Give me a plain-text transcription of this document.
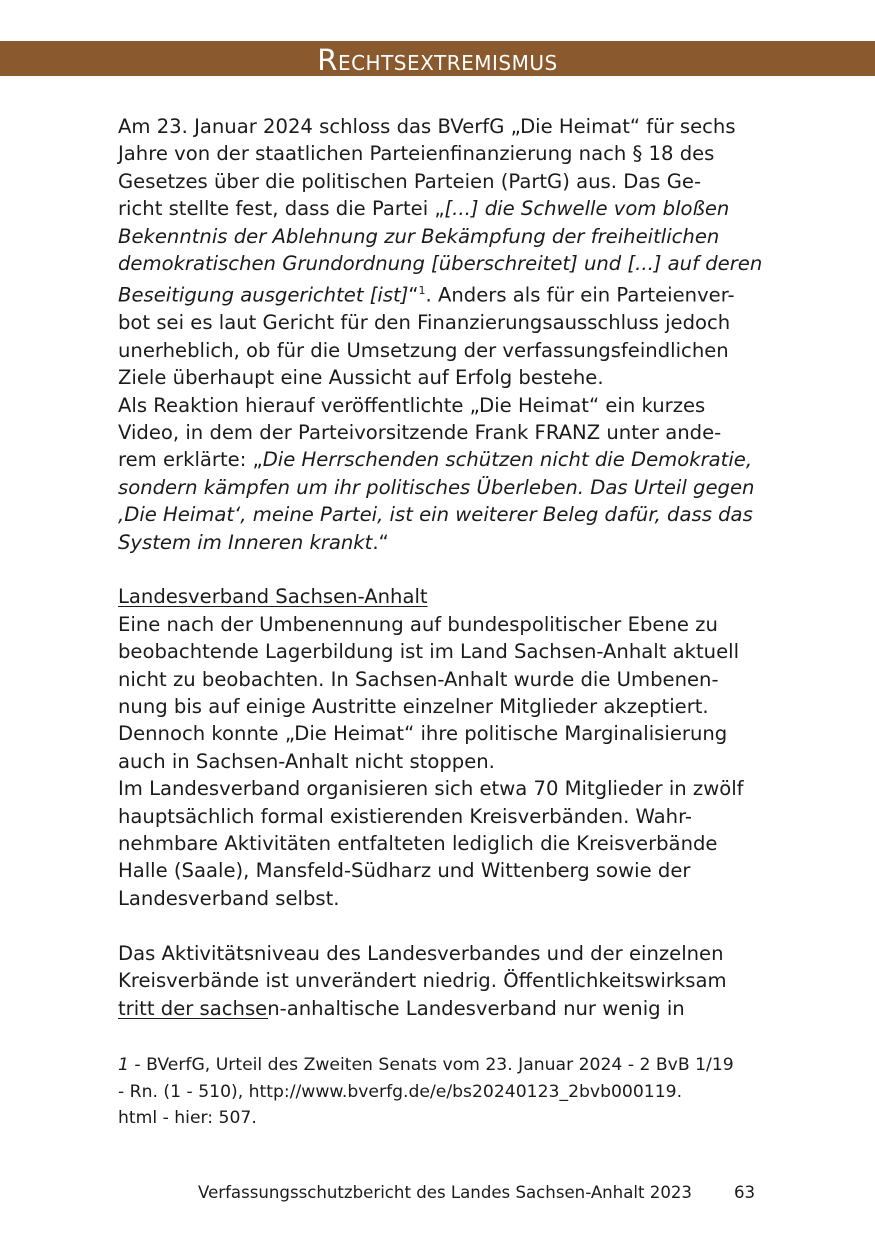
Rechtsextremismus
Am 23. Januar 2024 schloss das BVerfG „Die Heimat“ für sechs
Jahre von der staatlichen Parteienfinanzierung nach § 18 des
Gesetzes über die politischen Parteien (PartG) aus. Das Ge-
richt stellte fest, dass die Partei „[...] die Schwelle vom bloßen
Bekenntnis der Ablehnung zur Bekämpfung der freiheitlichen
demokratischen Grundordnung [überschreitet] und [...] auf deren
Beseitigung ausgerichtet [ist]“$^1$. Anders als für ein Parteienver-
bot sei es laut Gericht für den Finanzierungsausschluss jedoch
unerheblich, ob für die Umsetzung der verfassungsfeindlichen
Ziele überhaupt eine Aussicht auf Erfolg bestehe.
Als Reaktion hierauf veröffentlichte „Die Heimat“ ein kurzes
Video, in dem der Parteivorsitzende Frank FRANZ unter ande-
rem erklärte: „Die Herrschenden schützen nicht die Demokratie,
sondern kämpfen um ihr politisches Überleben. Das Urteil gegen
‚Die Heimat‘, meine Partei, ist ein weiterer Beleg dafür, dass das
System im Inneren krankt.“
Landesverband Sachsen-Anhalt
Eine nach der Umbenennung auf bundespolitischer Ebene zu
beobachtende Lagerbildung ist im Land Sachsen-Anhalt aktuell
nicht zu beobachten. In Sachsen-Anhalt wurde die Umbenen-
nung bis auf einige Austritte einzelner Mitglieder akzeptiert.
Dennoch konnte „Die Heimat“ ihre politische Marginalisierung
auch in Sachsen-Anhalt nicht stoppen.
Im Landesverband organisieren sich etwa 70 Mitglieder in zwölf
hauptsächlich formal existierenden Kreisverbänden. Wahr-
nehmbare Aktivitäten entfalteten lediglich die Kreisverbände
Halle (Saale), Mansfeld-Südharz und Wittenberg sowie der
Landesverband selbst.
Das Aktivitätsniveau des Landesverbandes und der einzelnen
Kreisverbände ist unverändert niedrig. Öffentlichkeitswirksam
tritt der sachsen-anhaltische Landesverband nur wenig in
1 - BVerfG, Urteil des Zweiten Senats vom 23. Januar 2024 - 2 BvB 1/19
- Rn. (1 - 510), http://www.bverfg.de/e/bs20240123_2bvb000119.
html - hier: 507.
Verfassungsschutzbericht des Landes Sachsen-Anhalt 2023	63
